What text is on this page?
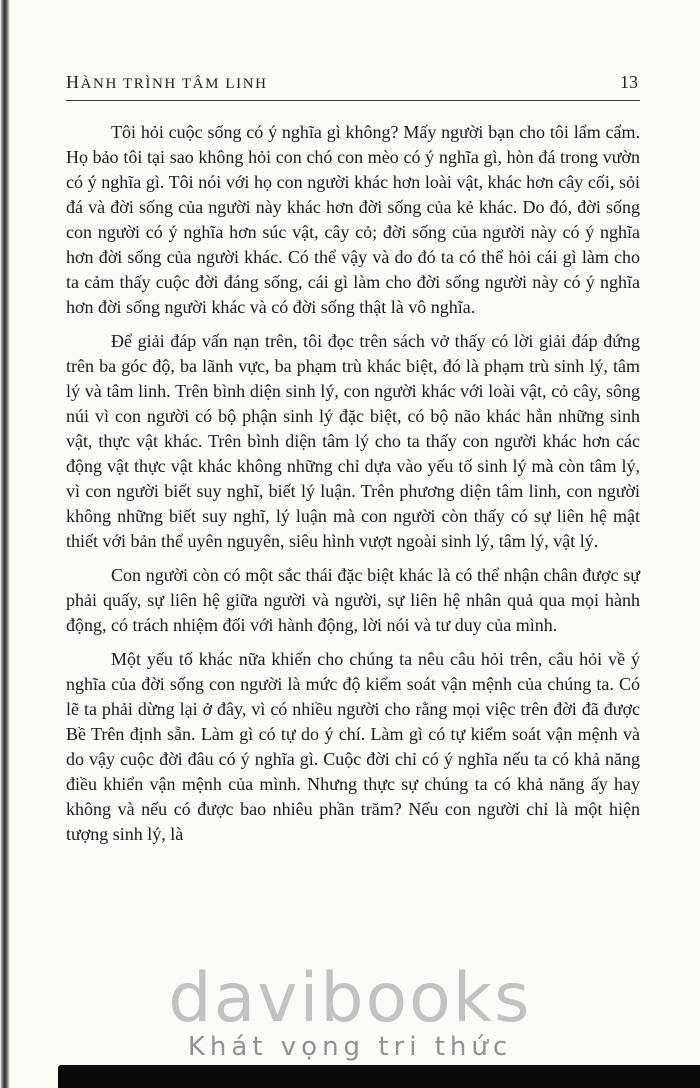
HÀNH TRÌNH TÂM LINH	13

Tôi hỏi cuộc sống có ý nghĩa gì không? Mấy người bạn cho tôi lẩm cẩm. Họ bảo tôi tại sao không hỏi con chó con mèo có ý nghĩa gì, hòn đá trong vườn có ý nghĩa gì. Tôi nói với họ con người khác hơn loài vật, khác hơn cây cối, sỏi đá và đời sống của người này khác hơn đời sống của kẻ khác. Do đó, đời sống con người có ý nghĩa hơn súc vật, cây cỏ; đời sống của người này có ý nghĩa hơn đời sống của người khác. Có thể vậy và do đó ta có thể hỏi cái gì làm cho ta cảm thấy cuộc đời đáng sống, cái gì làm cho đời sống người này có ý nghĩa hơn đời sống người khác và có đời sống thật là vô nghĩa.

Để giải đáp vấn nạn trên, tôi đọc trên sách vở thấy có lời giải đáp đứng trên ba góc độ, ba lãnh vực, ba phạm trù khác biệt, đó là phạm trù sinh lý, tâm lý và tâm linh. Trên bình diện sinh lý, con người khác với loài vật, cỏ cây, sông núi vì con người có bộ phận sinh lý đặc biệt, có bộ não khác hẳn những sinh vật, thực vật khác. Trên bình diện tâm lý cho ta thấy con người khác hơn các động vật thực vật khác không những chỉ dựa vào yếu tố sinh lý mà còn tâm lý, vì con người biết suy nghĩ, biết lý luận. Trên phương diện tâm linh, con người không những biết suy nghĩ, lý luận mà con người còn thấy có sự liên hệ mật thiết với bản thể uyên nguyên, siêu hình vượt ngoài sinh lý, tâm lý, vật lý.

Con người còn có một sắc thái đặc biệt khác là có thể nhận chân được sự phải quấy, sự liên hệ giữa người và người, sự liên hệ nhân quả qua mọi hành động, có trách nhiệm đối với hành động, lời nói và tư duy của mình.

Một yếu tố khác nữa khiến cho chúng ta nêu câu hỏi trên, câu hỏi về ý nghĩa của đời sống con người là mức độ kiểm soát vận mệnh của chúng ta. Có lẽ ta phải dừng lại ở đây, vì có nhiều người cho rằng mọi việc trên đời đã được Bề Trên định sẵn. Làm gì có tự do ý chí. Làm gì có tự kiểm soát vận mệnh và do vậy cuộc đời đâu có ý nghĩa gì. Cuộc đời chỉ có ý nghĩa nếu ta có khả năng điều khiển vận mệnh của mình. Nhưng thực sự chúng ta có khả năng ấy hay không và nếu có được bao nhiêu phần trăm? Nếu con người chỉ là một hiện tượng sinh lý, là

davibooks
Khát vọng tri thức
